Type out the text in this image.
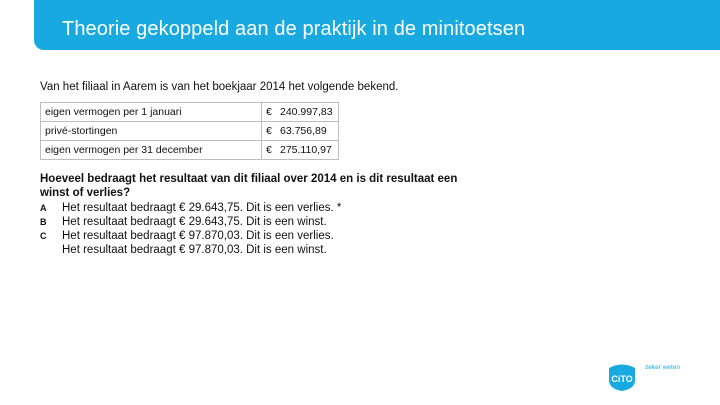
Theorie gekoppeld aan de praktijk in de minitoetsen

Van het filiaal in Aarem is van het boekjaar 2014 het volgende bekend.

eigen vermogen per 1 januari	€ 240.997,83
privé-stortingen	€ 63.756,89
eigen vermogen per 31 december	€ 275.110,97

Hoeveel bedraagt het resultaat van dit filiaal over 2014 en is dit resultaat een winst of verlies?

A Het resultaat bedraagt € 29.643,75. Dit is een verlies. *
B Het resultaat bedraagt € 29.643,75. Dit is een winst.
C Het resultaat bedraagt € 97.870,03. Dit is een verlies.
Het resultaat bedraagt € 97.870,03. Dit is een winst.
CiTO
zeker weten
